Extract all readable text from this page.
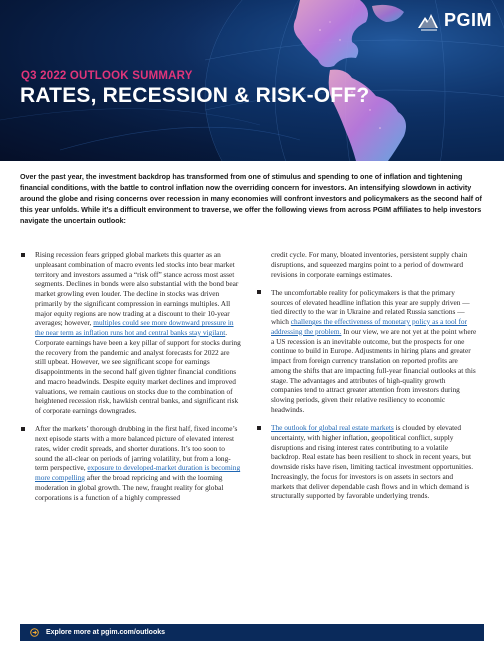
PGIM
Q3 2022 OUTLOOK SUMMARY
RATES, RECESSION & RISK-OFF?

Over the past year, the investment backdrop has transformed from one of stimulus and spending to one of inflation and tightening financial conditions, with the battle to control inflation now the overriding concern for investors. An intensifying slowdown in activity around the globe and rising concerns over recession in many economies will confront investors and policymakers as the second half of this year unfolds. While it’s a difficult environment to traverse, we offer the following views from across PGIM affiliates to help investors navigate the uncertain outlook:

Rising recession fears gripped global markets this quarter as an unpleasant combination of macro events led stocks into bear market territory and investors assumed a “risk off” stance across most asset segments. Declines in bonds were also substantial with the bond bear market growling even louder. The decline in stocks was driven primarily by the significant compression in earnings multiples. All major equity regions are now trading at a discount to their 10-year averages; however, multiples could see more downward pressure in the near term as inflation runs hot and central banks stay vigilant. Corporate earnings have been a key pillar of support for stocks during the recovery from the pandemic and analyst forecasts for 2022 are still upbeat. However, we see significant scope for earnings disappointments in the second half given tighter financial conditions and macro headwinds. Despite equity market declines and improved valuations, we remain cautious on stocks due to the combination of heightened recession risk, hawkish central banks, and significant risk of corporate earnings downgrades.

After the markets’ thorough drubbing in the first half, fixed income’s next episode starts with a more balanced picture of elevated interest rates, wider credit spreads, and shorter durations. It’s too soon to sound the all-clear on periods of jarring volatility, but from a long-term perspective, exposure to developed-market duration is becoming more compelling after the broad repricing and with the looming moderation in global growth. The new, fraught reality for global corporations is a function of a highly compressed

credit cycle. For many, bloated inventories, persistent supply chain disruptions, and squeezed margins point to a period of downward revisions in corporate earnings estimates.

The uncomfortable reality for policymakers is that the primary sources of elevated headline inflation this year are supply driven — tied directly to the war in Ukraine and related Russia sanctions — which challenges the effectiveness of monetary policy as a tool for addressing the problem. In our view, we are not yet at the point where a US recession is an inevitable outcome, but the prospects for one continue to build in Europe. Adjustments in hiring plans and greater impact from foreign currency translation on reported profits are among the shifts that are impacting full-year financial outlooks at this stage. The advantages and attributes of high-quality growth companies tend to attract greater attention from investors during slowing periods, given their relative resiliency to economic headwinds.

The outlook for global real estate markets is clouded by elevated uncertainty, with higher inflation, geopolitical conflict, supply disruptions and rising interest rates contributing to a volatile backdrop. Real estate has been resilient to shock in recent years, but downside risks have risen, limiting tactical investment opportunities. Increasingly, the focus for investors is on assets in sectors and markets that deliver dependable cash flows and in which demand is structurally supported by favorable underlying trends.

Explore more at pgim.com/outlooks
